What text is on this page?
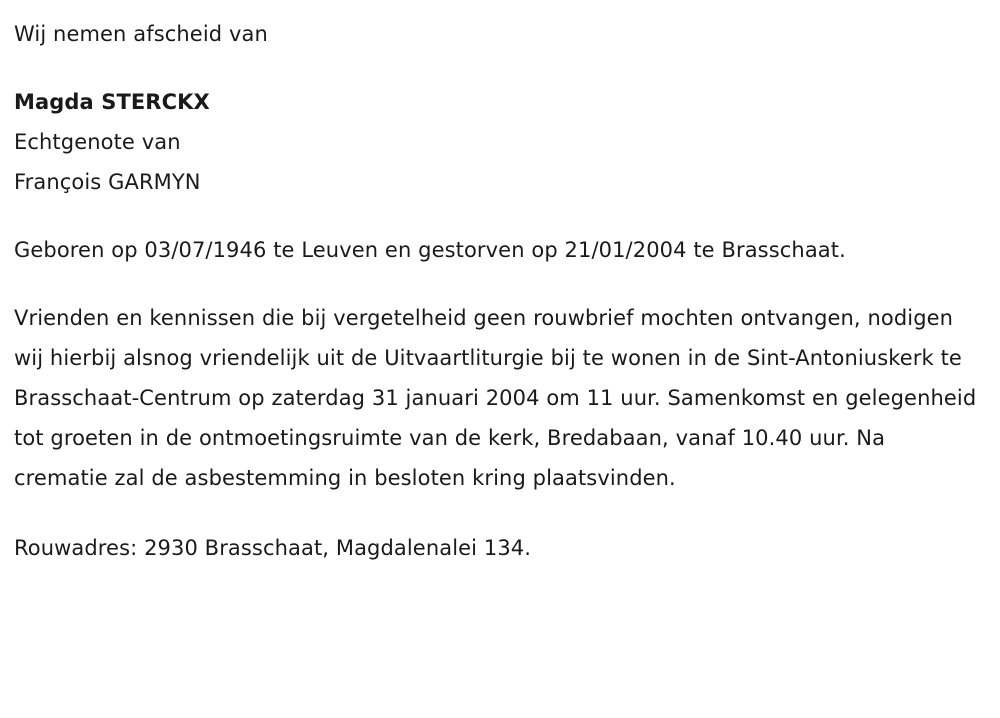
Wij nemen afscheid van
Magda STERCKX
Echtgenote van
François GARMYN
Geboren op 03/07/1946 te Leuven en gestorven op 21/01/2004 te Brasschaat.
Vrienden en kennissen die bij vergetelheid geen rouwbrief mochten ontvangen, nodigen wij hierbij alsnog vriendelijk uit de Uitvaartliturgie bij te wonen in de Sint-Antoniuskerk te Brasschaat-Centrum op zaterdag 31 januari 2004 om 11 uur. Samenkomst en gelegenheid tot groeten in de ontmoetingsruimte van de kerk, Bredabaan, vanaf 10.40 uur. Na crematie zal de asbestemming in besloten kring plaatsvinden.
Rouwadres: 2930 Brasschaat, Magdalenalei 134.
